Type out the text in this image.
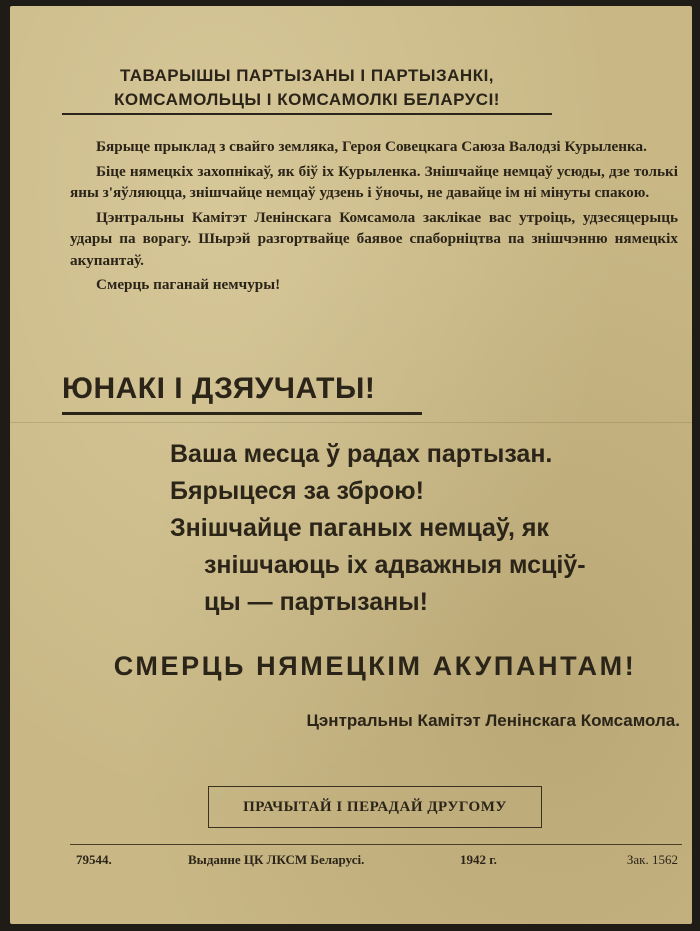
ТАВАРЫШЫ ПАРТЫЗАНЫ І ПАРТЫЗАНКІ,
КОМСАМОЛЬЦЫ І КОМСАМОЛКІ БЕЛАРУСІ!

Бярыце прыклад з свайго земляка, Героя Совецкага Саюза Валодзі Курыленка.

Біце нямецкіх захопнікаў, як біў іх Курыленка. Знішчайце немцаў усюды, дзе толькі яны з'яўляюцца, знішчайце немцаў удзень і ўночы, не давайце ім ні мінуты спакою.

Цэнтральны Камітэт Ленінскага Комсамола заклікае вас утроіць, удзесяцерыць удары па ворагу. Шырэй разгортвайце баявое спаборніцтва па знішчэнню нямецкіх акупантаў.

Смерць паганай немчуры!

ЮНАКІ І ДЗЯУЧАТЫ!
Ваша месца ў радах партызан.
Бярыцеся за зброю!
Знішчайце паганых немцаў, як
знішчаюць іх адважныя мсціў-
цы — партызаны!
СМЕРЦЬ НЯМЕЦКІМ АКУПАНТАМ!
Цэнтральны Камітэт Ленінскага Комсамола.
ПРАЧЫТАЙ І ПЕРАДАЙ ДРУГОМУ
79544.	Выданне ЦК ЛКСМ Беларусі.	1942 г.	Зак. 1562
